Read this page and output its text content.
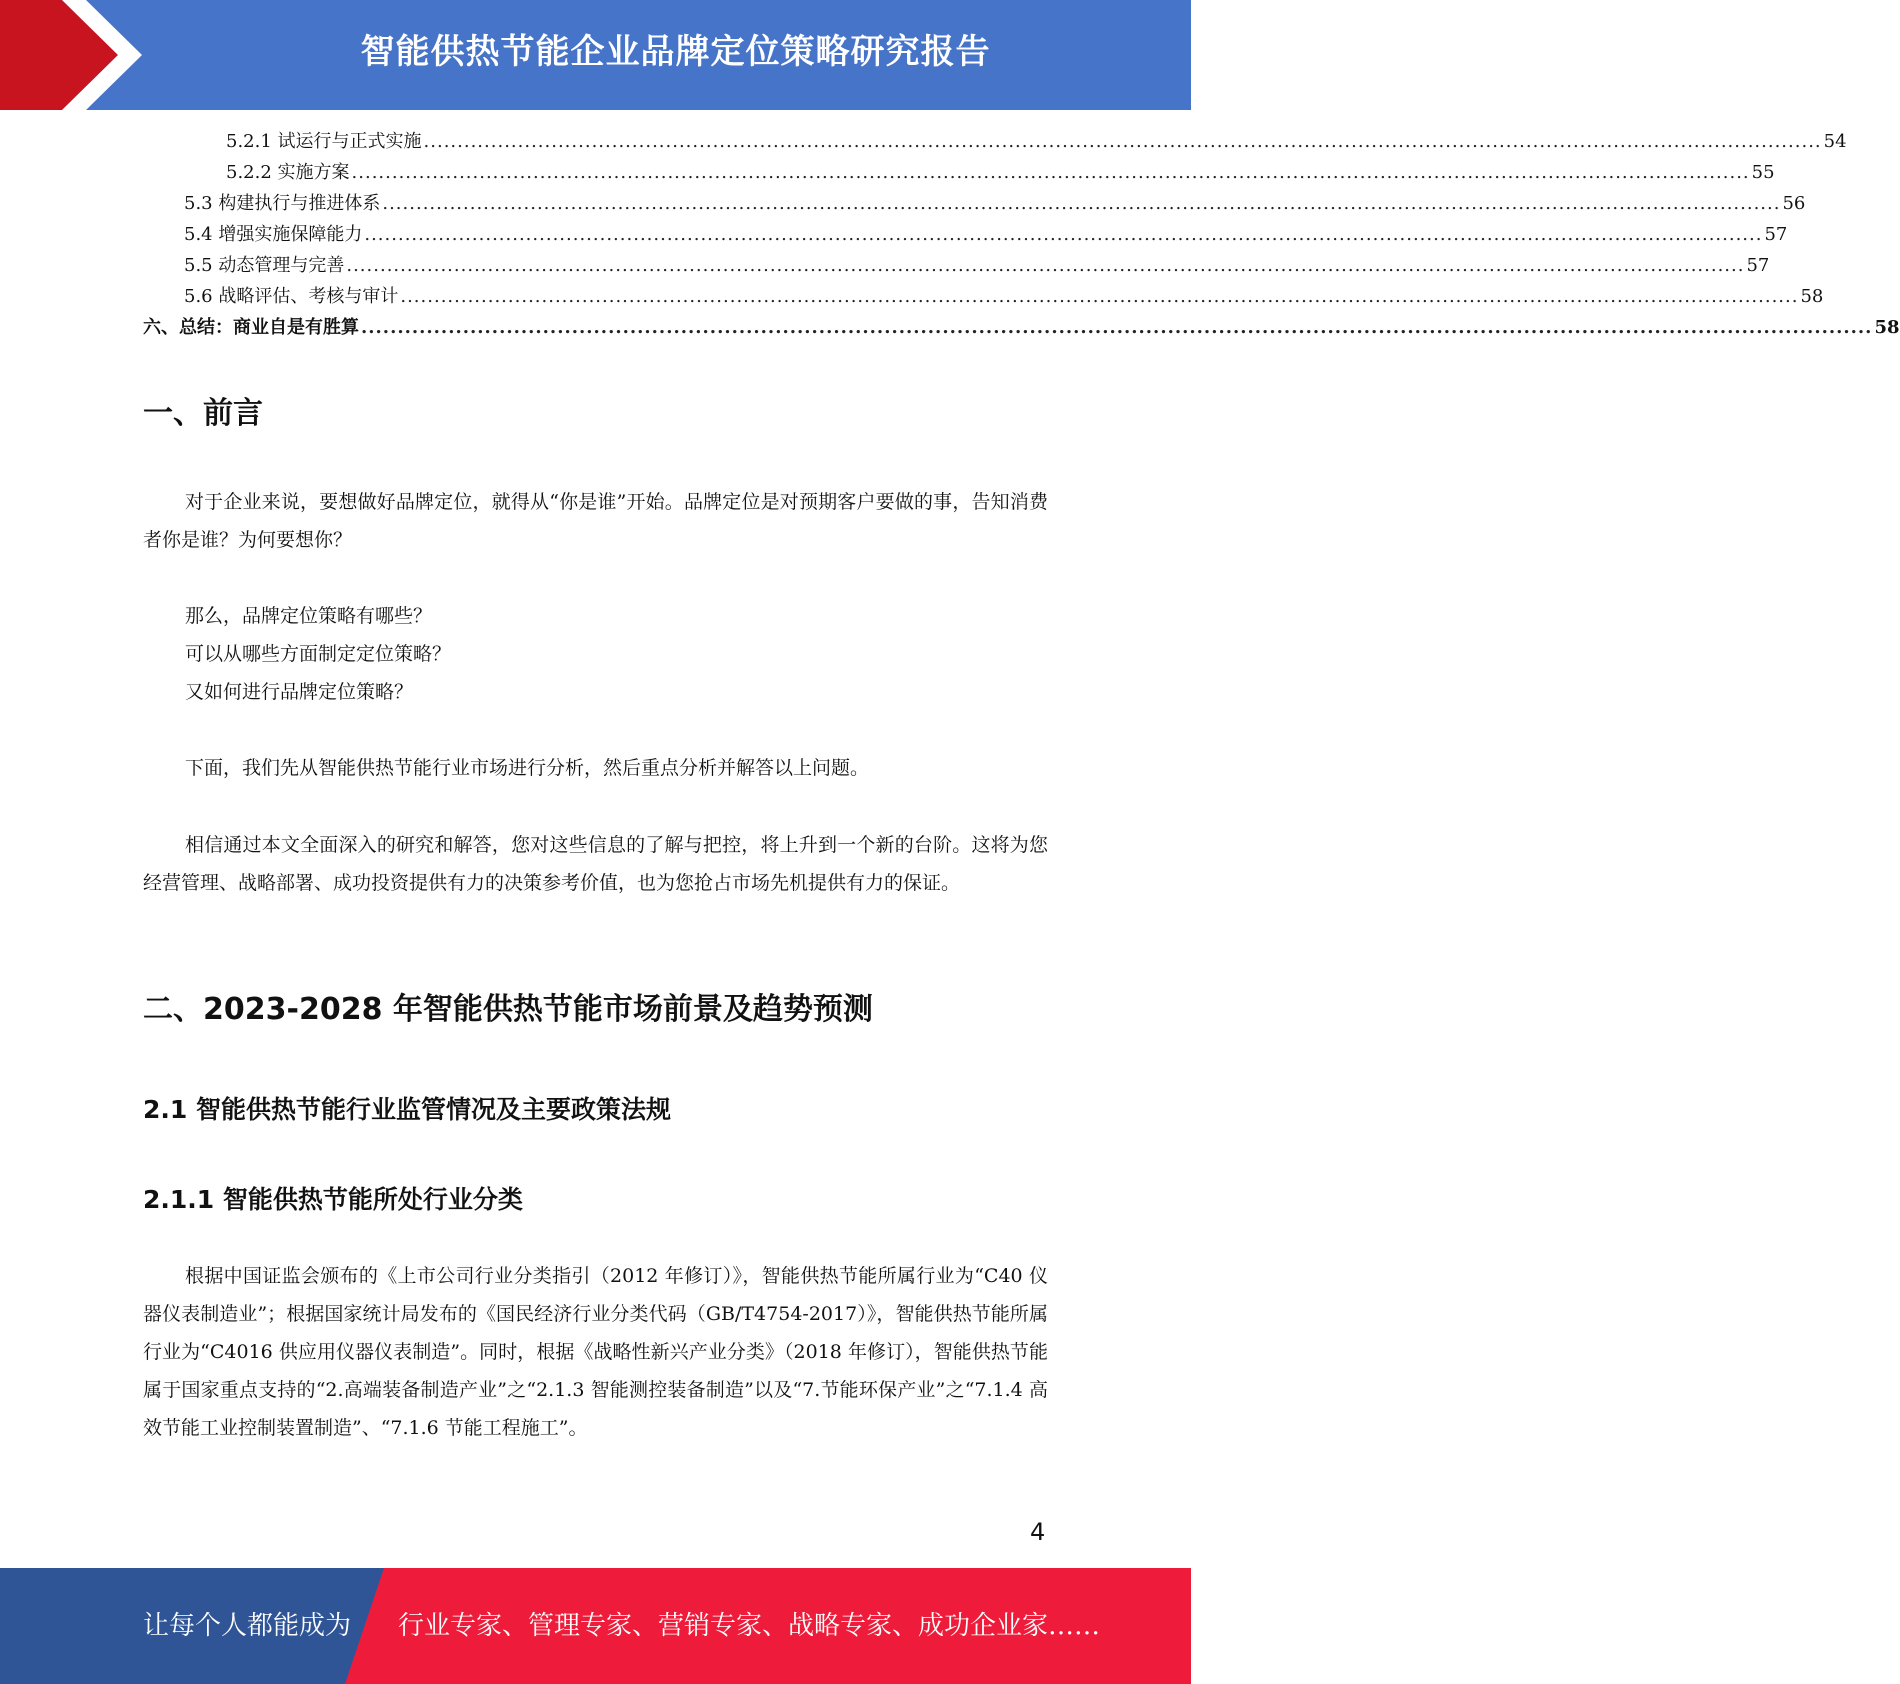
智能供热节能企业品牌定位策略研究报告
5.2.1 试运行与正式实施 ................................................................................................................................................................................................................ 54
5.2.2 实施方案 ................................................................................................................................................................................................................ 55
5.3 构建执行与推进体系 ................................................................................................................................................................................................................ 56
5.4 增强实施保障能力 ................................................................................................................................................................................................................ 57
5.5 动态管理与完善 ................................................................................................................................................................................................................ 57
5.6 战略评估、考核与审计 ................................................................................................................................................................................................................ 58
六、总结：商业自是有胜算 ................................................................................................................................................................................................................ 58
一、前言
对于企业来说，要想做好品牌定位，就得从“你是谁”开始。品牌定位是对预期客户要做的事，告知消费者你是谁？为何要想你？
那么，品牌定位策略有哪些？
可以从哪些方面制定定位策略？
又如何进行品牌定位策略？
下面，我们先从智能供热节能行业市场进行分析，然后重点分析并解答以上问题。
相信通过本文全面深入的研究和解答，您对这些信息的了解与把控，将上升到一个新的台阶。这将为您经营管理、战略部署、成功投资提供有力的决策参考价值，也为您抢占市场先机提供有力的保证。
二、2023-2028 年智能供热节能市场前景及趋势预测
2.1 智能供热节能行业监管情况及主要政策法规
2.1.1 智能供热节能所处行业分类
根据中国证监会颁布的《上市公司行业分类指引（2012 年修订）》，智能供热节能所属行业为“C40 仪器仪表制造业”；根据国家统计局发布的《国民经济行业分类代码（GB/T4754-2017）》，智能供热节能所属行业为“C4016 供应用仪器仪表制造”。同时，根据《战略性新兴产业分类》（2018 年修订），智能供热节能属于国家重点支持的“2.高端装备制造产业”之“2.1.3 智能测控装备制造”以及“7.节能环保产业”之“7.1.4 高效节能工业控制装置制造”、“7.1.6 节能工程施工”。
4
让每个人都能成为 行业专家、管理专家、营销专家、战略专家、成功企业家……
